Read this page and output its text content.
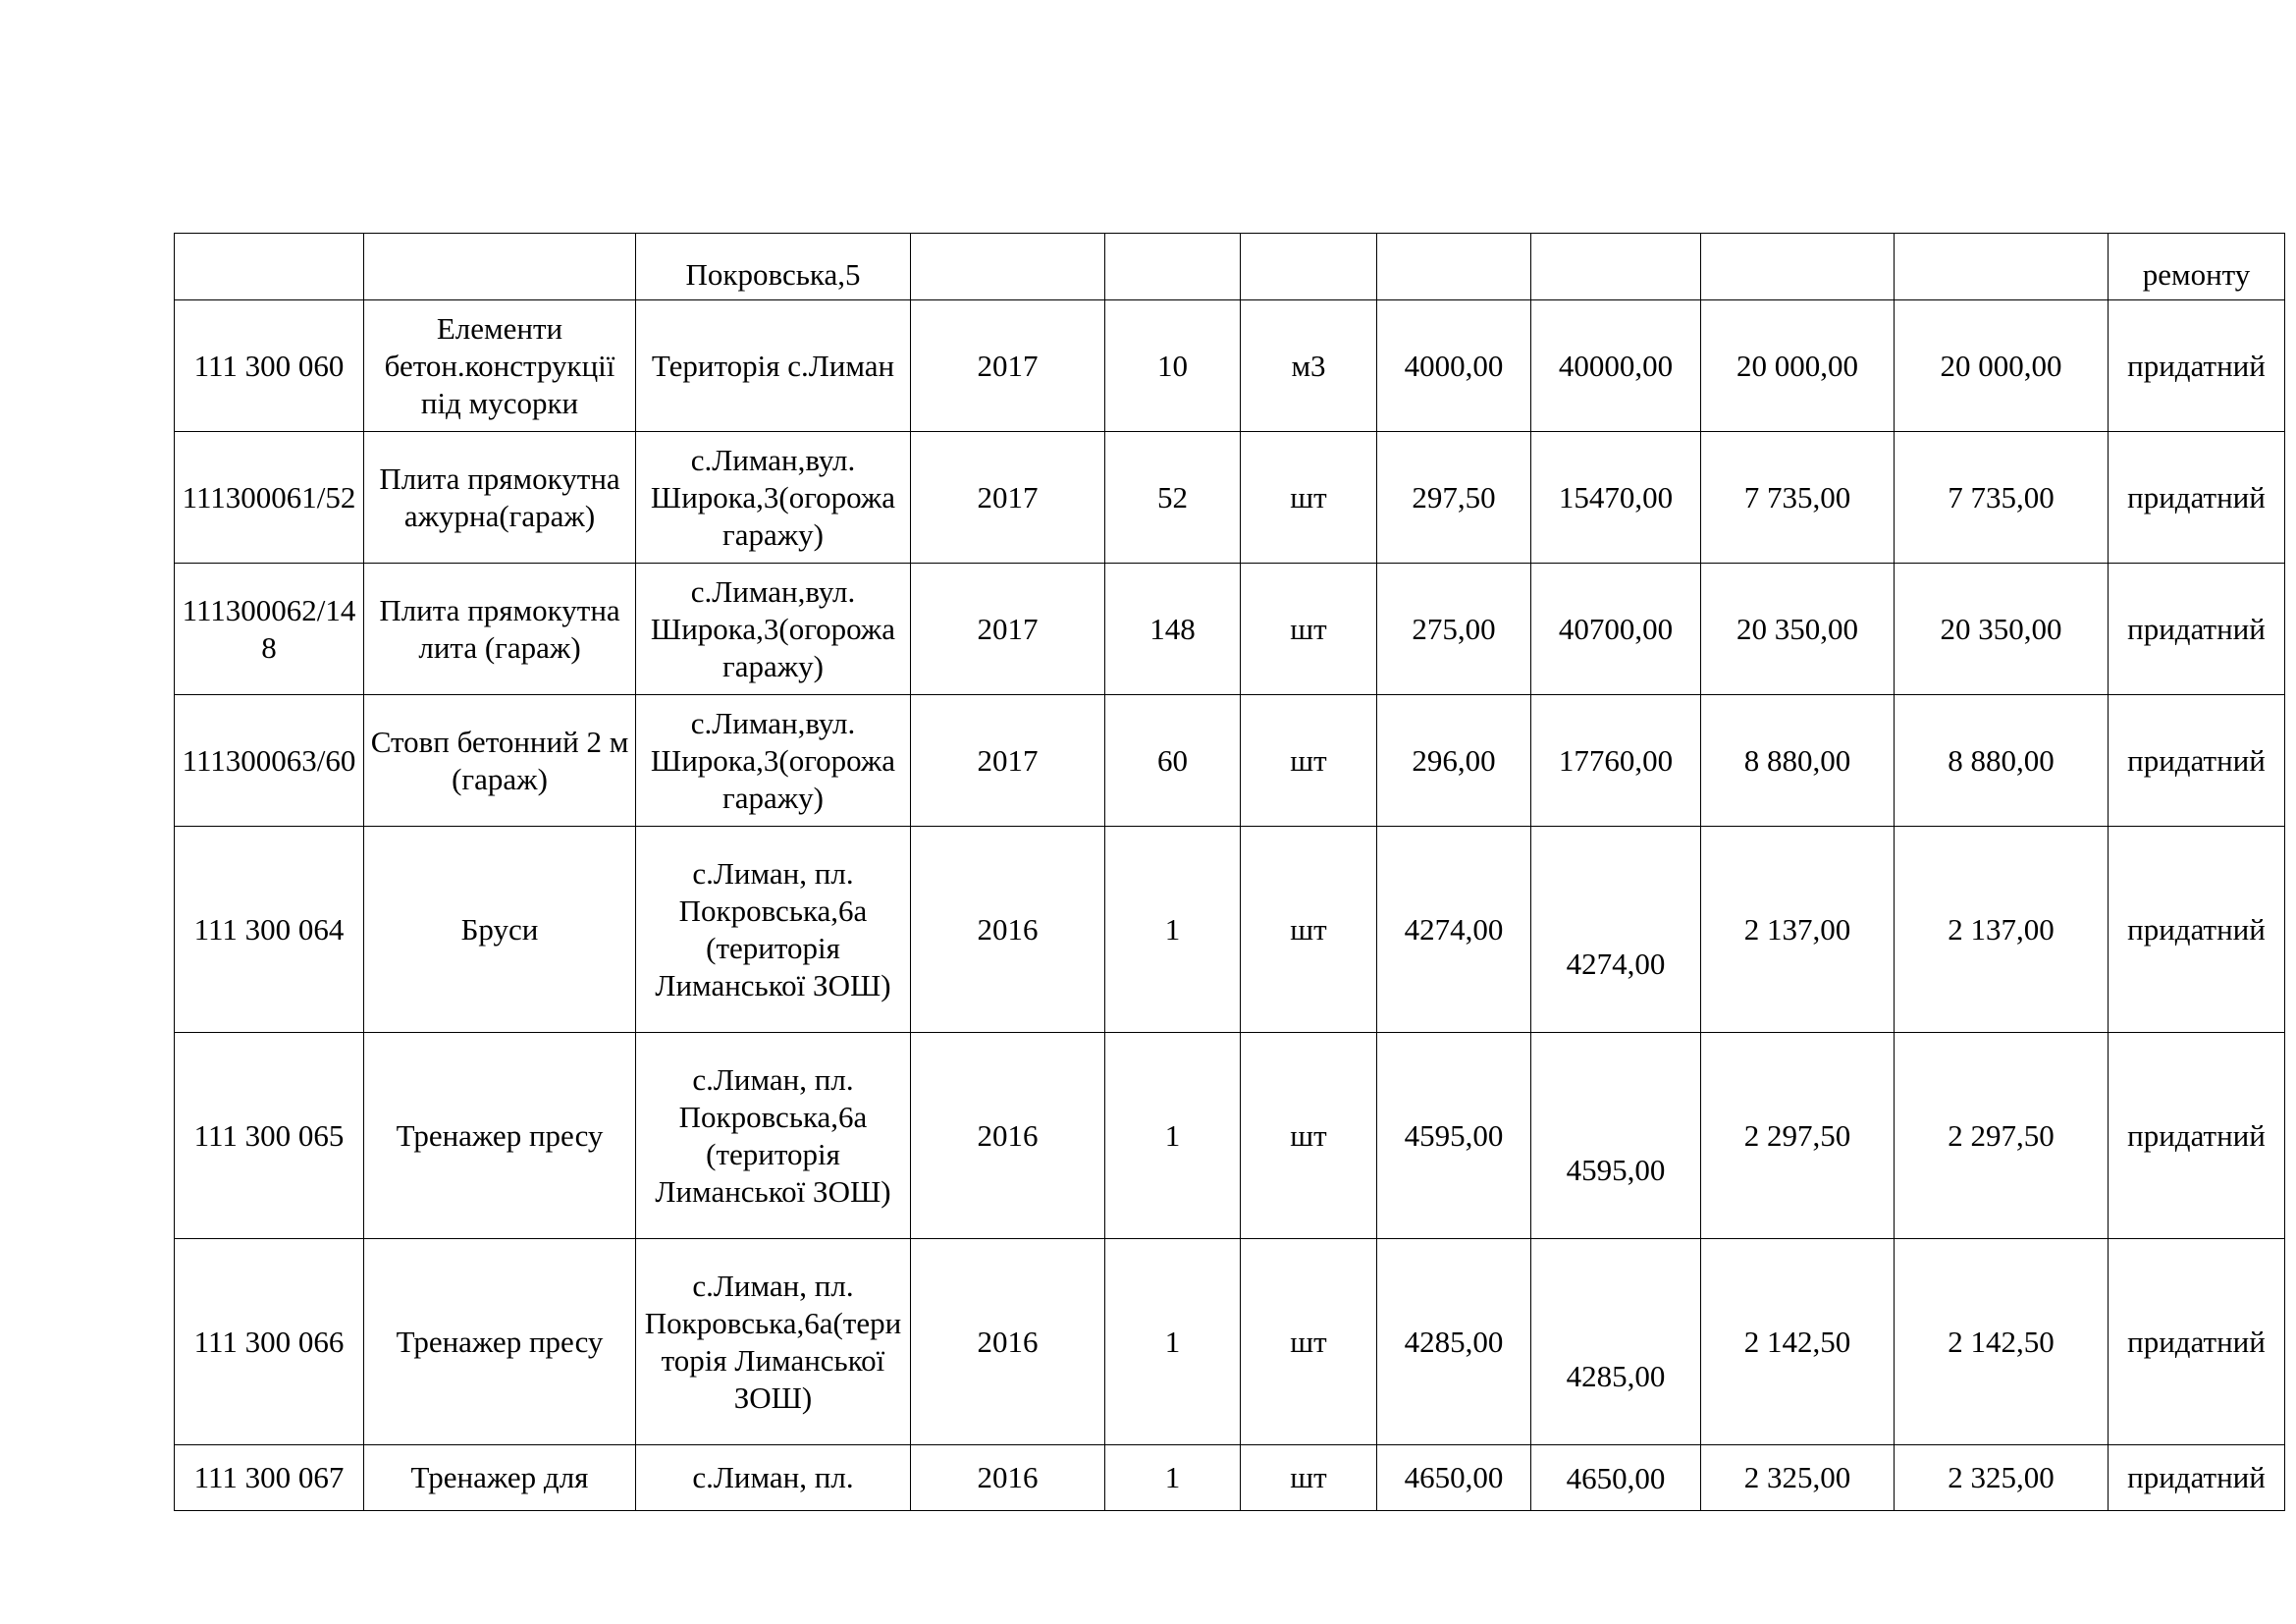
		Покровська,5								ремонту
111 300 060	Елементи бетон.конструкції під мусорки	Територія с.Лиман	2017	10	м3	4000,00	40000,00	20 000,00	20 000,00	придатний
111300061/52	Плита прямокутна ажурна(гараж)	с.Лиман,вул. Широка,3(огорожа гаражу)	2017	52	шт	297,50	15470,00	7 735,00	7 735,00	придатний
111300062/148	Плита прямокутна лита (гараж)	с.Лиман,вул. Широка,3(огорожа гаражу)	2017	148	шт	275,00	40700,00	20 350,00	20 350,00	придатний
111300063/60	Стовп бетонний 2 м (гараж)	с.Лиман,вул. Широка,3(огорожа гаражу)	2017	60	шт	296,00	17760,00	8 880,00	8 880,00	придатний
111 300 064	Бруси	с.Лиман, пл. Покровська,6а (територія Лиманської ЗОШ)	2016	1	шт	4274,00	4274,00	2 137,00	2 137,00	придатний
111 300 065	Тренажер пресу	с.Лиман, пл. Покровська,6а (територія Лиманської ЗОШ)	2016	1	шт	4595,00	4595,00	2 297,50	2 297,50	придатний
111 300 066	Тренажер пресу	с.Лиман, пл. Покровська,6а(територія Лиманської ЗОШ)	2016	1	шт	4285,00	4285,00	2 142,50	2 142,50	придатний
111 300 067	Тренажер для	с.Лиман, пл.	2016	1	шт	4650,00	4650,00	2 325,00	2 325,00	придатний
